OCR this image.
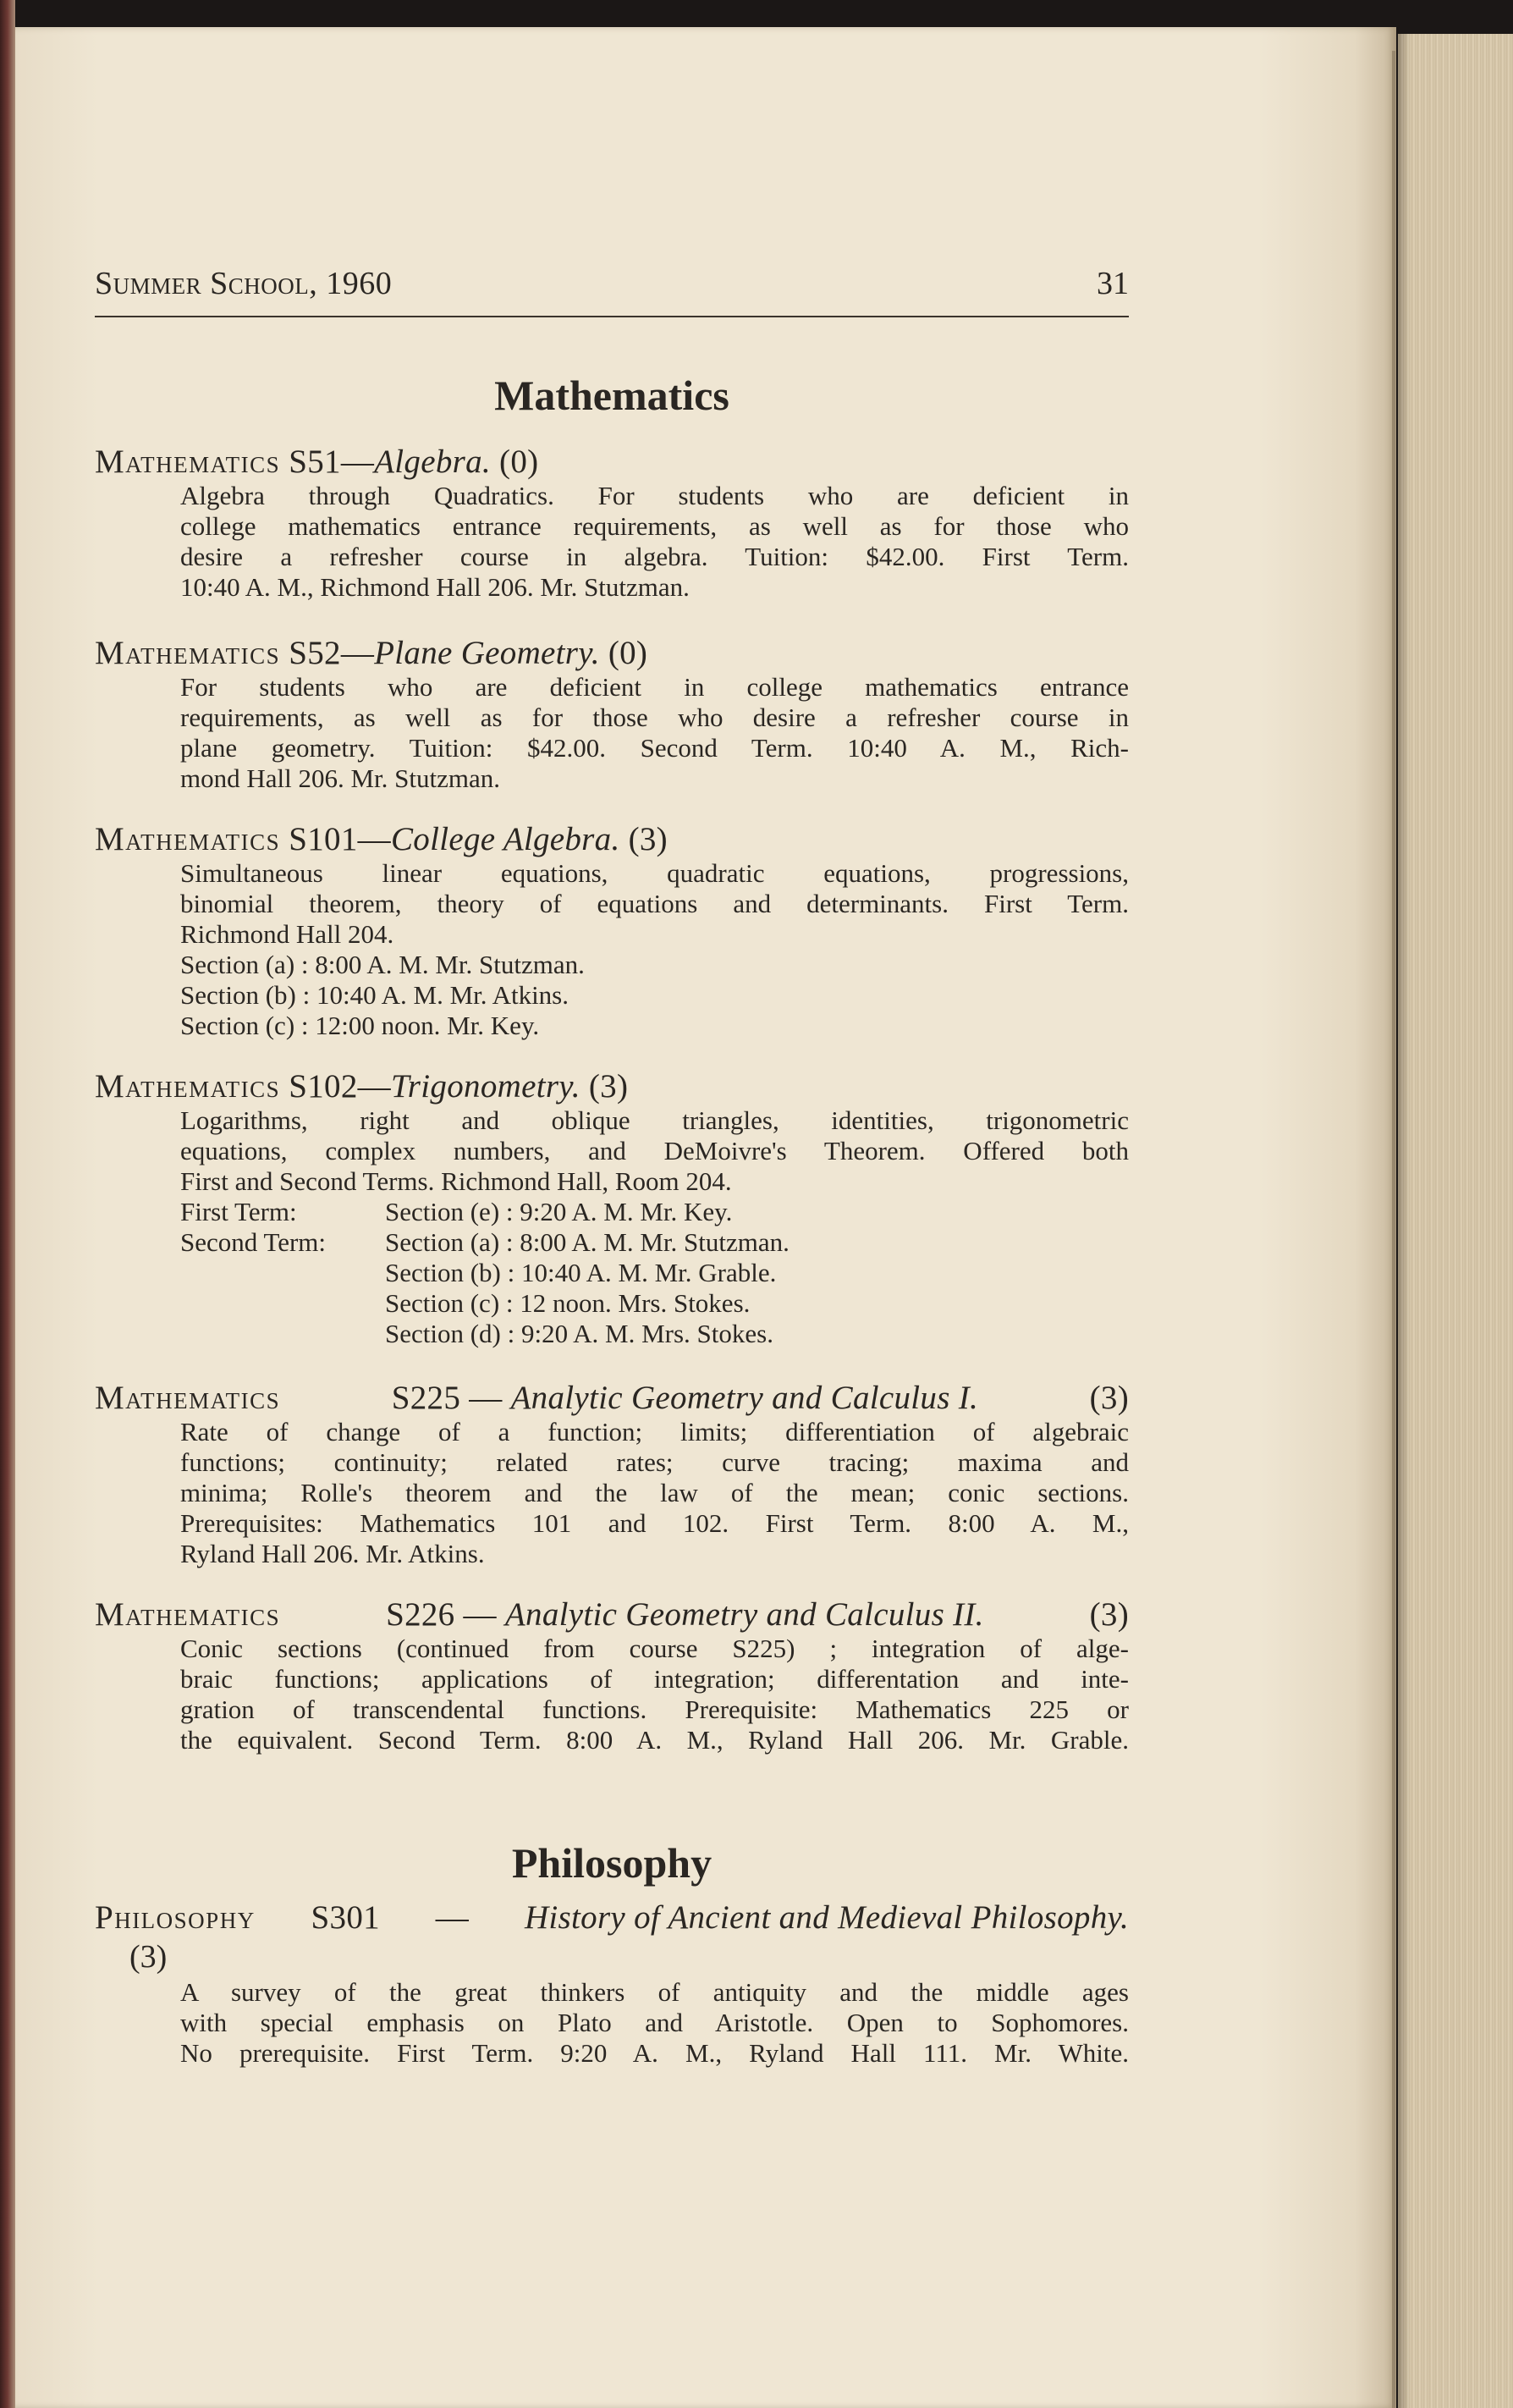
Summer School, 1960	31
Mathematics
Mathematics S51—Algebra. (0)
Algebra through Quadratics. For students who are deficient in
college mathematics entrance requirements, as well as for those who
desire a refresher course in algebra. Tuition: $42.00. First Term.
10:40 A. M., Richmond Hall 206. Mr. Stutzman.
Mathematics S52—Plane Geometry. (0)
For students who are deficient in college mathematics entrance
requirements, as well as for those who desire a refresher course in
plane geometry. Tuition: $42.00. Second Term. 10:40 A. M., Rich-
mond Hall 206. Mr. Stutzman.
Mathematics S101—College Algebra. (3)
Simultaneous linear equations, quadratic equations, progressions,
binomial theorem, theory of equations and determinants. First Term.
Richmond Hall 204.
Section (a) : 8:00 A. M. Mr. Stutzman.
Section (b) : 10:40 A. M. Mr. Atkins.
Section (c) : 12:00 noon. Mr. Key.
Mathematics S102—Trigonometry. (3)
Logarithms, right and oblique triangles, identities, trigonometric
equations, complex numbers, and DeMoivre's Theorem. Offered both
First and Second Terms. Richmond Hall, Room 204.
First Term:	Section (e) : 9:20 A. M. Mr. Key.
Second Term:	Section (a) : 8:00 A. M. Mr. Stutzman.
Section (b) : 10:40 A. M. Mr. Grable.
Section (c) : 12 noon. Mrs. Stokes.
Section (d) : 9:20 A. M. Mrs. Stokes.
Mathematics	S225 — Analytic Geometry and Calculus I.	(3)
Rate of change of a function; limits; differentiation of algebraic
functions; continuity; related rates; curve tracing; maxima and
minima; Rolle's theorem and the law of the mean; conic sections.
Prerequisites: Mathematics 101 and 102. First Term. 8:00 A. M.,
Ryland Hall 206. Mr. Atkins.
Mathematics	S226 — Analytic Geometry and Calculus II.	(3)
Conic sections (continued from course S225) ; integration of alge-
braic functions; applications of integration; differentation and inte-
gration of transcendental functions. Prerequisite: Mathematics 225 or
the equivalent. Second Term. 8:00 A. M., Ryland Hall 206. Mr. Grable.
Philosophy
Philosophy S301 — History of Ancient and Medieval Philosophy.
(3)
A survey of the great thinkers of antiquity and the middle ages
with special emphasis on Plato and Aristotle. Open to Sophomores.
No prerequisite. First Term. 9:20 A. M., Ryland Hall 111. Mr. White.
